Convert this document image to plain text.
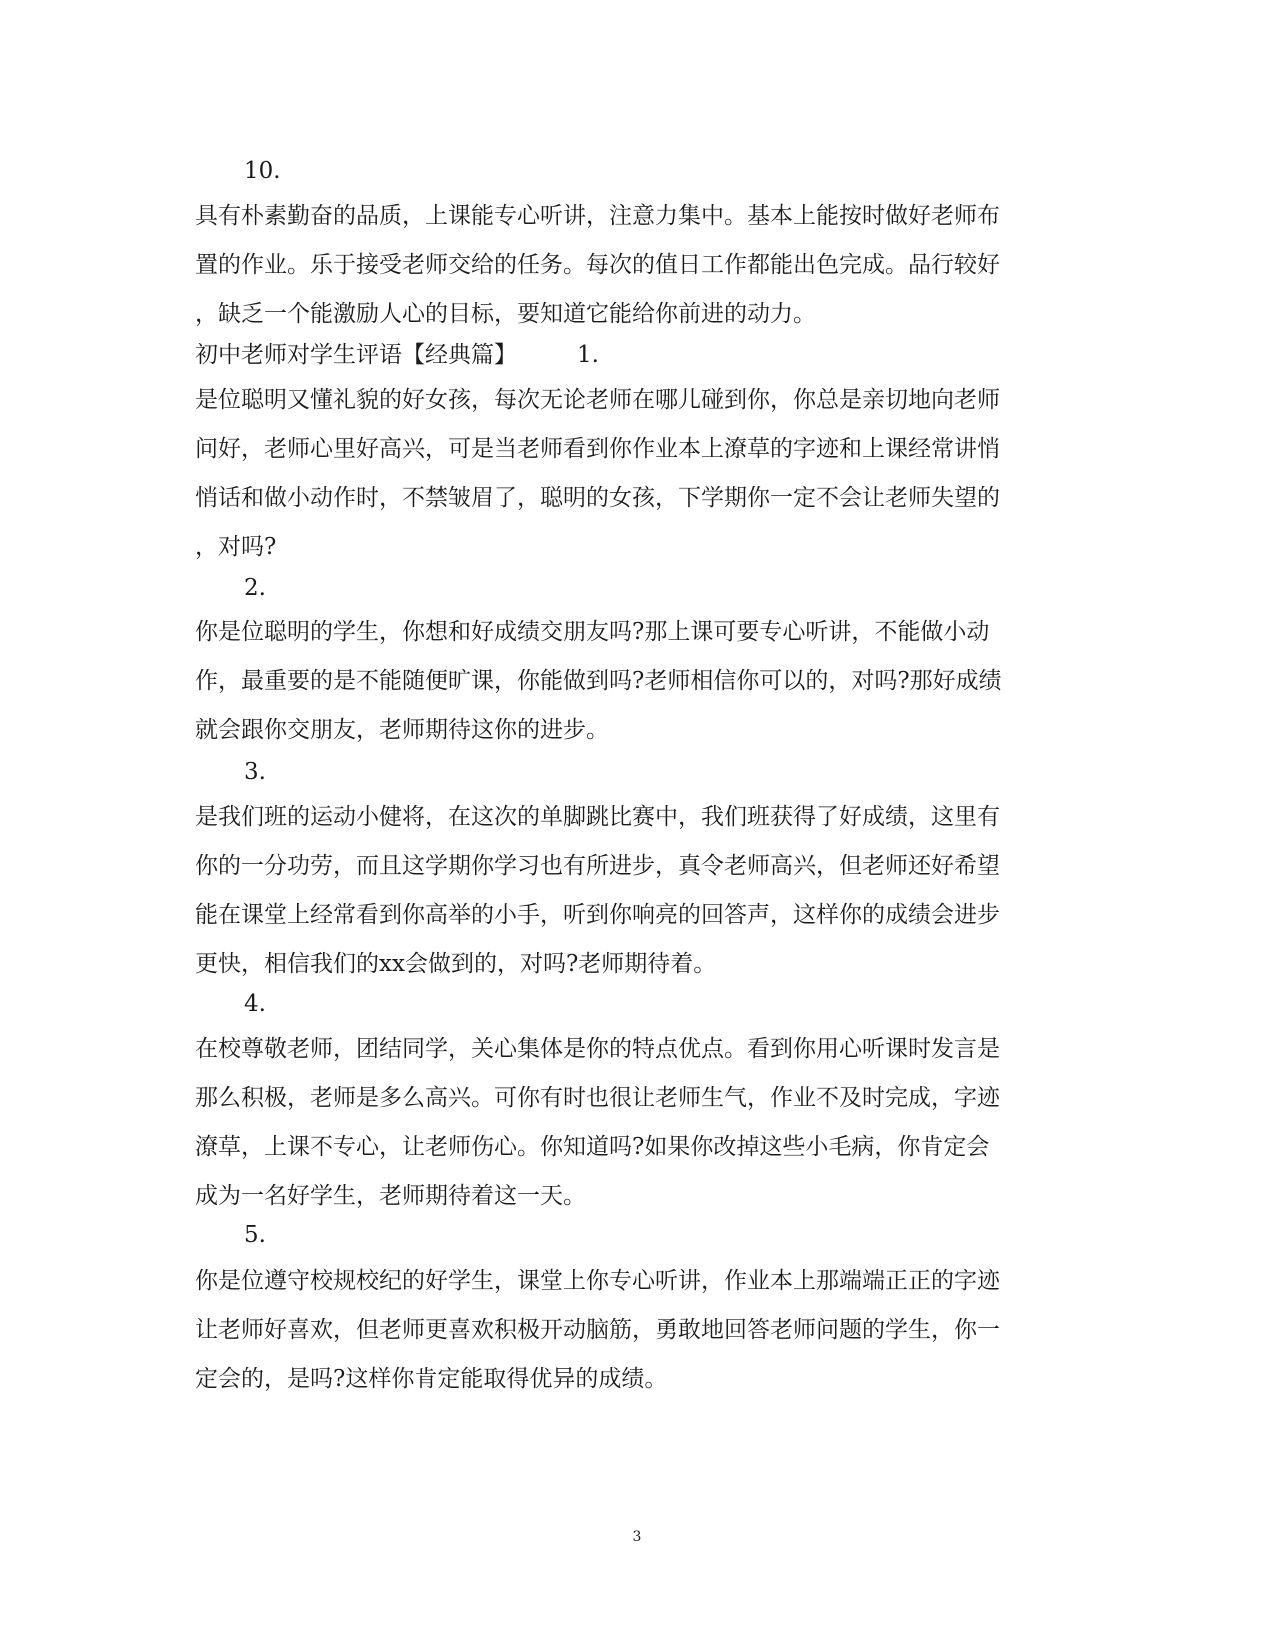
10.

具有朴素勤奋的品质，上课能专心听讲，注意力集中。基本上能按时做好老师布
置的作业。乐于接受老师交给的任务。每次的值日工作都能出色完成。品行较好
，缺乏一个能激励人心的目标，要知道它能给你前进的动力。

初中老师对学生评语【经典篇】	1.

是位聪明又懂礼貌的好女孩，每次无论老师在哪儿碰到你，你总是亲切地向老师
问好，老师心里好高兴，可是当老师看到你作业本上潦草的字迹和上课经常讲悄
悄话和做小动作时，不禁皱眉了，聪明的女孩，下学期你一定不会让老师失望的
，对吗?

2.

你是位聪明的学生，你想和好成绩交朋友吗?那上课可要专心听讲，不能做小动
作，最重要的是不能随便旷课，你能做到吗?老师相信你可以的，对吗?那好成绩
就会跟你交朋友，老师期待这你的进步。

3.

是我们班的运动小健将，在这次的单脚跳比赛中，我们班获得了好成绩，这里有
你的一分功劳，而且这学期你学习也有所进步，真令老师高兴，但老师还好希望
能在课堂上经常看到你高举的小手，听到你响亮的回答声，这样你的成绩会进步
更快，相信我们的xx会做到的，对吗?老师期待着。

4.

在校尊敬老师，团结同学，关心集体是你的特点优点。看到你用心听课时发言是
那么积极，老师是多么高兴。可你有时也很让老师生气，作业不及时完成，字迹
潦草，上课不专心，让老师伤心。你知道吗?如果你改掉这些小毛病，你肯定会
成为一名好学生，老师期待着这一天。

5.

你是位遵守校规校纪的好学生，课堂上你专心听讲，作业本上那端端正正的字迹
让老师好喜欢，但老师更喜欢积极开动脑筋，勇敢地回答老师问题的学生，你一
定会的，是吗?这样你肯定能取得优异的成绩。

3
